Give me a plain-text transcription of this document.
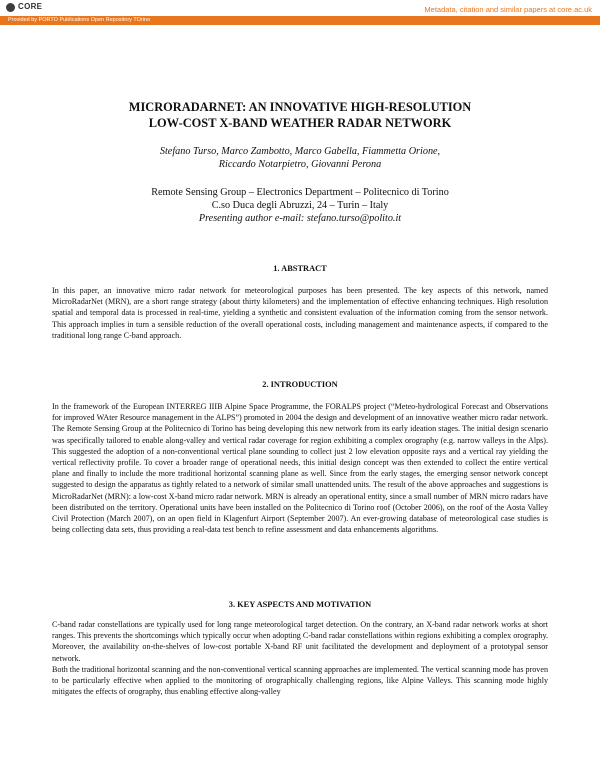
CORE	Metadata, citation and similar papers at core.ac.uk
Provided by PORTO Publications Open Repository TOrino
MICRORADARNET: AN INNOVATIVE HIGH-RESOLUTION
LOW-COST X-BAND WEATHER RADAR NETWORK

Stefano Turso, Marco Zambotto, Marco Gabella, Fiammetta Orione,
Riccardo Notarpietro, Giovanni Perona

Remote Sensing Group – Electronics Department – Politecnico di Torino
C.so Duca degli Abruzzi, 24 – Turin – Italy
Presenting author e-mail: stefano.turso@polito.it

1. ABSTRACT

In this paper, an innovative micro radar network for meteorological purposes has been presented. The key aspects of this network, named MicroRadarNet (MRN), are a short range strategy (about thirty kilometers) and the implementation of effective enhancing techniques. High resolution spatial and temporal data is processed in real-time, yielding a synthetic and consistent evaluation of the information coming from the sensor network. This approach implies in turn a sensible reduction of the overall operational costs, including management and maintenance aspects, if compared to the traditional long range C-band approach.

2. INTRODUCTION

In the framework of the European INTERREG IIIB Alpine Space Programme, the FORALPS project (“Meteo-hydrological Forecast and Observations for improved WAter Resource management in the ALPS”) promoted in 2004 the design and development of an innovative weather micro radar network. The Remote Sensing Group at the Politecnico di Torino has being developing this new network from its early ideation stages. The initial design scenario was specifically tailored to enable along-valley and vertical radar coverage for region exhibiting a complex orography (e.g. narrow valleys in the Alps). This suggested the adoption of a non-conventional vertical plane sounding to collect just 2 low elevation opposite rays and a vertical ray yielding the vertical reflectivity profile. To cover a broader range of operational needs, this initial design concept was then extended to collect the entire vertical plane and finally to include the more traditional horizontal scanning plane as well. Since from the early stages, the emerging sensor network concept suggested to design the apparatus as tightly related to a network of similar small unattended units. The result of the above approaches and suggestions is MicroRadarNet (MRN): a low-cost X-band micro radar network. MRN is already an operational entity, since a small number of MRN micro radars have been distributed on the territory. Operational units have been installed on the Politecnico di Torino roof (October 2006), on the roof of the Aosta Valley Civil Protection (March 2007), on an open field in Klagenfurt Airport (September 2007). An ever-growing database of meteorological case studies is being collecting data sets, thus providing a real-data test bench to refine assessment and data enhancements algorithms.

3. KEY ASPECTS AND MOTIVATION

C-band radar constellations are typically used for long range meteorological target detection. On the contrary, an X-band radar network works at short ranges. This prevents the shortcomings which typically occur when adopting C-band radar constellations within regions exhibiting a complex orography. Moreover, the availability on-the-shelves of low-cost portable X-band RF unit facilitated the development and deployment of a prototypal sensor network.

Both the traditional horizontal scanning and the non-conventional vertical scanning approaches are implemented. The vertical scanning mode has proven to be particularly effective when applied to the monitoring of orographically challenging regions, like Alpine Valleys. This scanning mode highly mitigates the effects of orography, thus enabling effective along-valley
